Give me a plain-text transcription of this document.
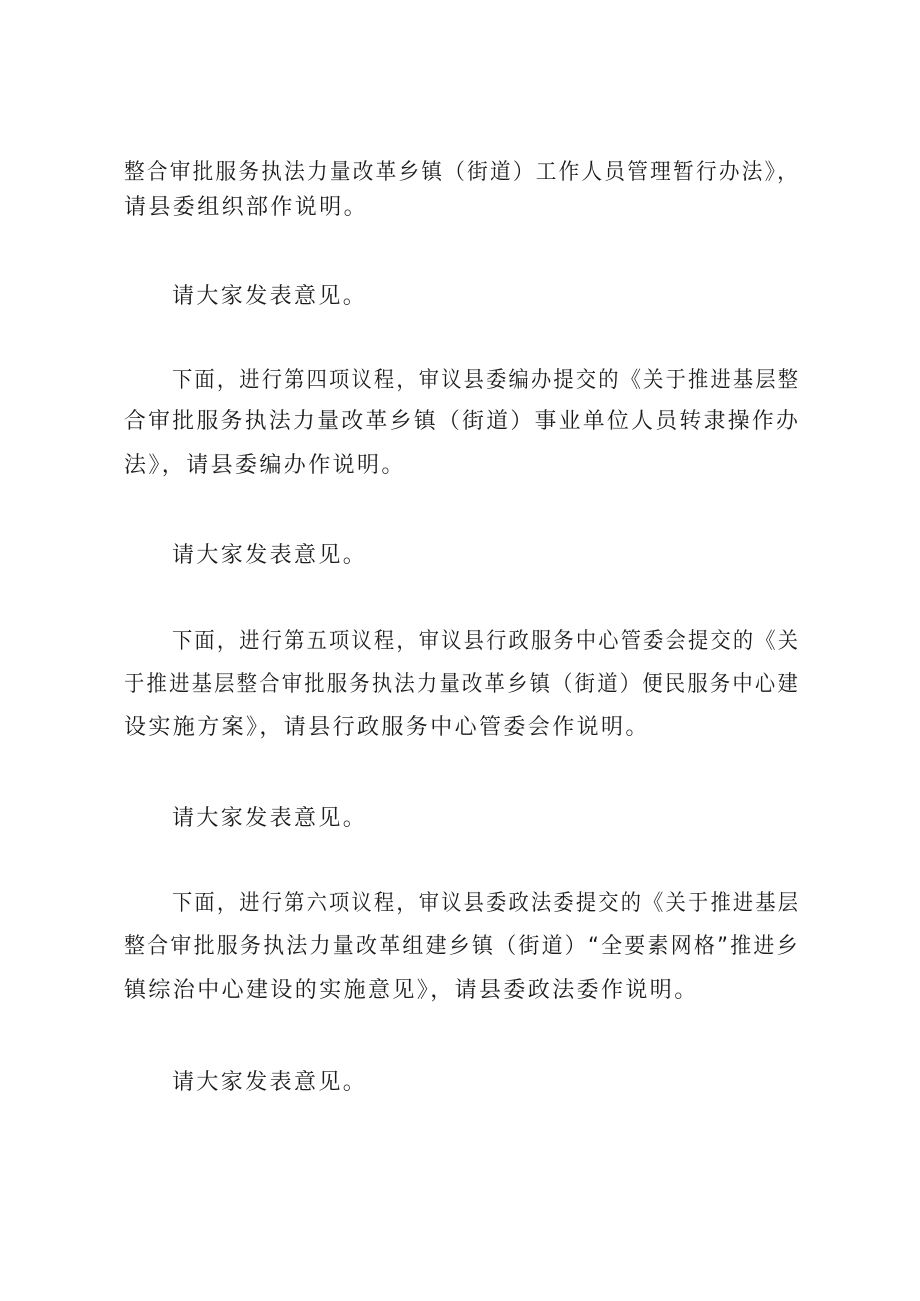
整合审批服务执法力量改革乡镇（街道）工作人员管理暂行办法》，
请县委组织部作说明。
请大家发表意见。
下面，进行第四项议程，审议县委编办提交的《关于推进基层整
合审批服务执法力量改革乡镇（街道）事业单位人员转隶操作办
法》，请县委编办作说明。
请大家发表意见。
下面，进行第五项议程，审议县行政服务中心管委会提交的《关
于推进基层整合审批服务执法力量改革乡镇（街道）便民服务中心建
设实施方案》，请县行政服务中心管委会作说明。
请大家发表意见。
下面，进行第六项议程，审议县委政法委提交的《关于推进基层
整合审批服务执法力量改革组建乡镇（街道）“全要素网格”推进乡
镇综治中心建设的实施意见》，请县委政法委作说明。
请大家发表意见。
